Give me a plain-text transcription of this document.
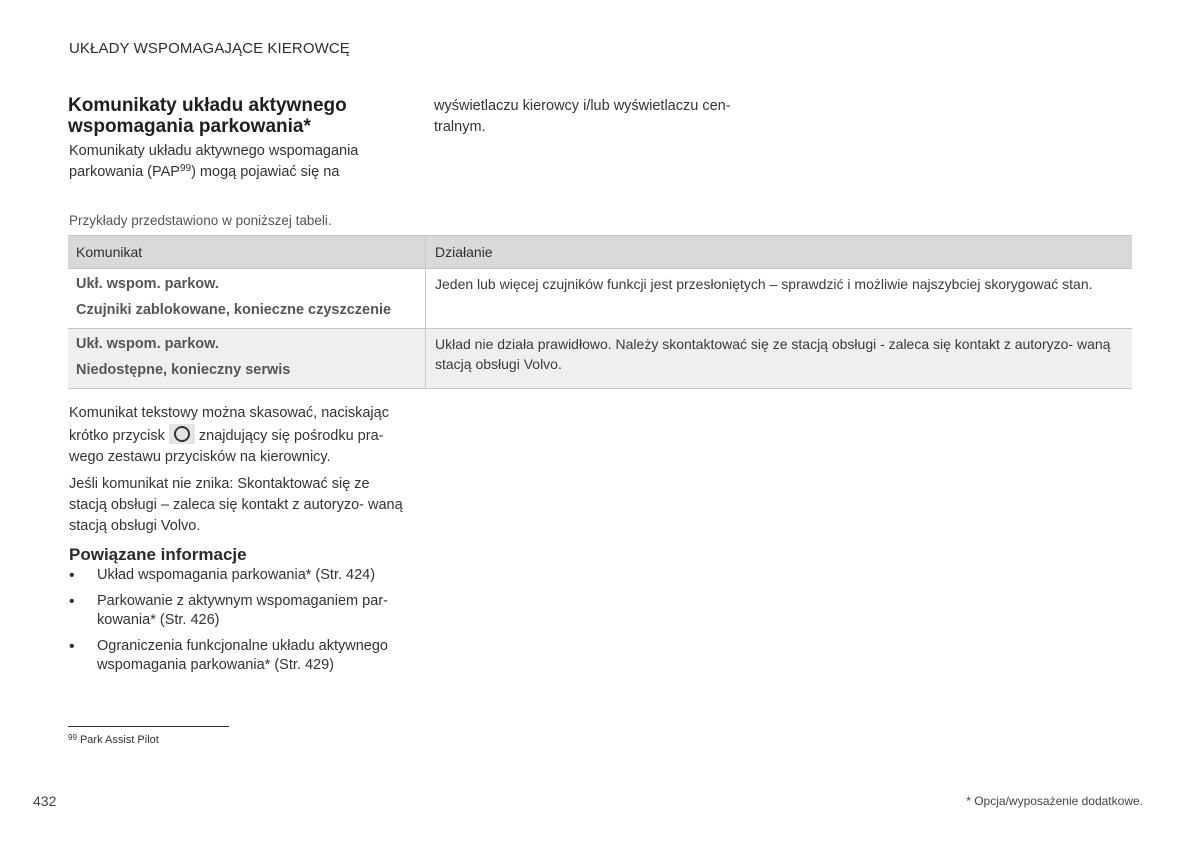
UKŁADY WSPOMAGAJĄCE KIEROWCĘ
Komunikaty układu aktywnego wspomagania parkowania*
Komunikaty układu aktywnego wspomagania parkowania (PAP$^{99}$) mogą pojawiać się na
wyświetlaczu kierowcy i/lub wyświetlaczu cen- tralnym.
Przykłady przedstawiono w poniższej tabeli.
Komunikat	Działanie
Ukł. wspom. parkow.
Czujniki zablokowane, konieczne czyszczenie
Jeden lub więcej czujników funkcji jest przesłoniętych – sprawdzić i możliwie najszybciej skorygować stan.
Ukł. wspom. parkow.
Niedostępne, konieczny serwis
Układ nie działa prawidłowo. Należy skontaktować się ze stacją obsługi - zaleca się kontakt z autoryzo- waną stacją obsługi Volvo.
Komunikat tekstowy można skasować, naciskając krótko przycisk znajdujący się pośrodku pra- wego zestawu przycisków na kierownicy.
Jeśli komunikat nie znika: Skontaktować się ze stacją obsługi – zaleca się kontakt z autoryzo- waną stacją obsługi Volvo.
Powiązane informacje
• Układ wspomagania parkowania* (Str. 424)
• Parkowanie z aktywnym wspomaganiem par- kowania* (Str. 426)
• Ograniczenia funkcjonalne układu aktywnego wspomagania parkowania* (Str. 429)
$^{99}$ Park Assist Pilot
432	* Opcja/wyposażenie dodatkowe.
